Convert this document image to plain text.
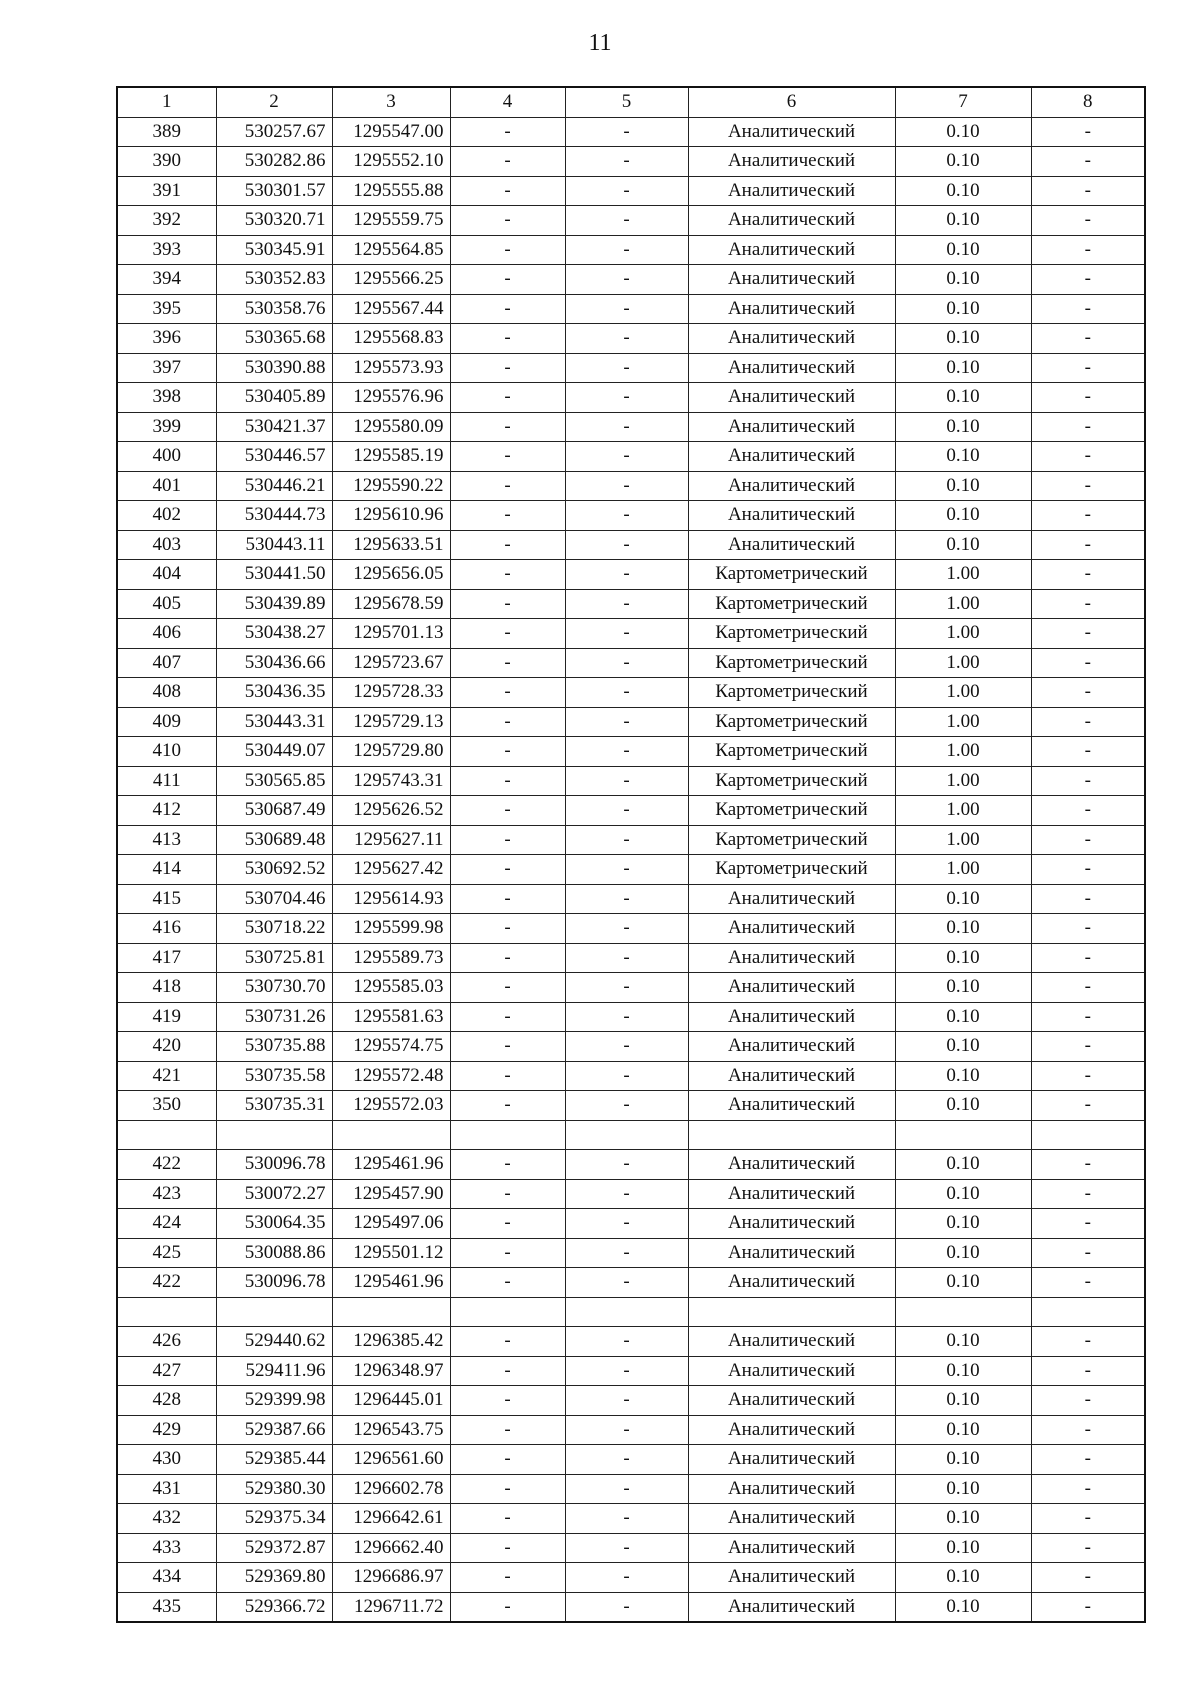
11
1	2	3	4	5	6	7	8
389	530257.67	1295547.00	-	-	Аналитический	0.10	-
390	530282.86	1295552.10	-	-	Аналитический	0.10	-
391	530301.57	1295555.88	-	-	Аналитический	0.10	-
392	530320.71	1295559.75	-	-	Аналитический	0.10	-
393	530345.91	1295564.85	-	-	Аналитический	0.10	-
394	530352.83	1295566.25	-	-	Аналитический	0.10	-
395	530358.76	1295567.44	-	-	Аналитический	0.10	-
396	530365.68	1295568.83	-	-	Аналитический	0.10	-
397	530390.88	1295573.93	-	-	Аналитический	0.10	-
398	530405.89	1295576.96	-	-	Аналитический	0.10	-
399	530421.37	1295580.09	-	-	Аналитический	0.10	-
400	530446.57	1295585.19	-	-	Аналитический	0.10	-
401	530446.21	1295590.22	-	-	Аналитический	0.10	-
402	530444.73	1295610.96	-	-	Аналитический	0.10	-
403	530443.11	1295633.51	-	-	Аналитический	0.10	-
404	530441.50	1295656.05	-	-	Картометрический	1.00	-
405	530439.89	1295678.59	-	-	Картометрический	1.00	-
406	530438.27	1295701.13	-	-	Картометрический	1.00	-
407	530436.66	1295723.67	-	-	Картометрический	1.00	-
408	530436.35	1295728.33	-	-	Картометрический	1.00	-
409	530443.31	1295729.13	-	-	Картометрический	1.00	-
410	530449.07	1295729.80	-	-	Картометрический	1.00	-
411	530565.85	1295743.31	-	-	Картометрический	1.00	-
412	530687.49	1295626.52	-	-	Картометрический	1.00	-
413	530689.48	1295627.11	-	-	Картометрический	1.00	-
414	530692.52	1295627.42	-	-	Картометрический	1.00	-
415	530704.46	1295614.93	-	-	Аналитический	0.10	-
416	530718.22	1295599.98	-	-	Аналитический	0.10	-
417	530725.81	1295589.73	-	-	Аналитический	0.10	-
418	530730.70	1295585.03	-	-	Аналитический	0.10	-
419	530731.26	1295581.63	-	-	Аналитический	0.10	-
420	530735.88	1295574.75	-	-	Аналитический	0.10	-
421	530735.58	1295572.48	-	-	Аналитический	0.10	-
350	530735.31	1295572.03	-	-	Аналитический	0.10	-

422	530096.78	1295461.96	-	-	Аналитический	0.10	-
423	530072.27	1295457.90	-	-	Аналитический	0.10	-
424	530064.35	1295497.06	-	-	Аналитический	0.10	-
425	530088.86	1295501.12	-	-	Аналитический	0.10	-
422	530096.78	1295461.96	-	-	Аналитический	0.10	-

426	529440.62	1296385.42	-	-	Аналитический	0.10	-
427	529411.96	1296348.97	-	-	Аналитический	0.10	-
428	529399.98	1296445.01	-	-	Аналитический	0.10	-
429	529387.66	1296543.75	-	-	Аналитический	0.10	-
430	529385.44	1296561.60	-	-	Аналитический	0.10	-
431	529380.30	1296602.78	-	-	Аналитический	0.10	-
432	529375.34	1296642.61	-	-	Аналитический	0.10	-
433	529372.87	1296662.40	-	-	Аналитический	0.10	-
434	529369.80	1296686.97	-	-	Аналитический	0.10	-
435	529366.72	1296711.72	-	-	Аналитический	0.10	-
